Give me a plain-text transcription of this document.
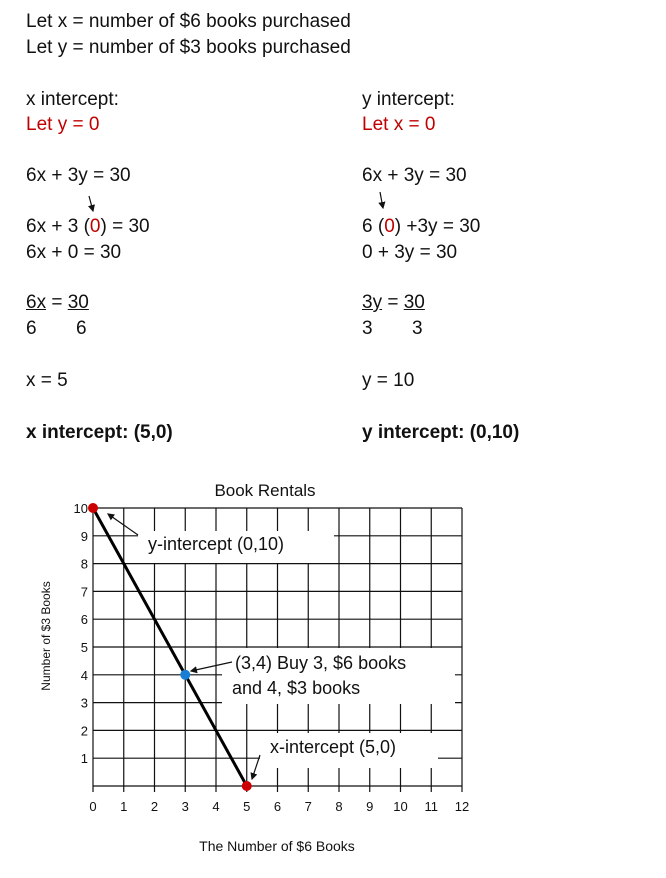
Let x = number of $6 books purchased
Let y = number of $3 books purchased
x intercept:
Let y = 0
6x + 3y = 30
6x + 3 (0) = 30
6x + 0 = 30
6x = 30
6 6
x = 5
x intercept: (5,0)
y intercept:
Let x = 0
6x + 3y = 30
6 (0) +3y = 30
0 + 3y = 30
3y = 30
3 3
y = 10
y intercept: (0,10)
0 1 2 3 4 5 6 7 8 9 10 11 12
1
2
3
4
5
6
7
8
9
10
Book Rentals
The Number of $6 Books
Number of $3 Books
y-intercept (0,10)
(3,4) Buy 3, $6 books
and 4, $3 books
x-intercept (5,0)
